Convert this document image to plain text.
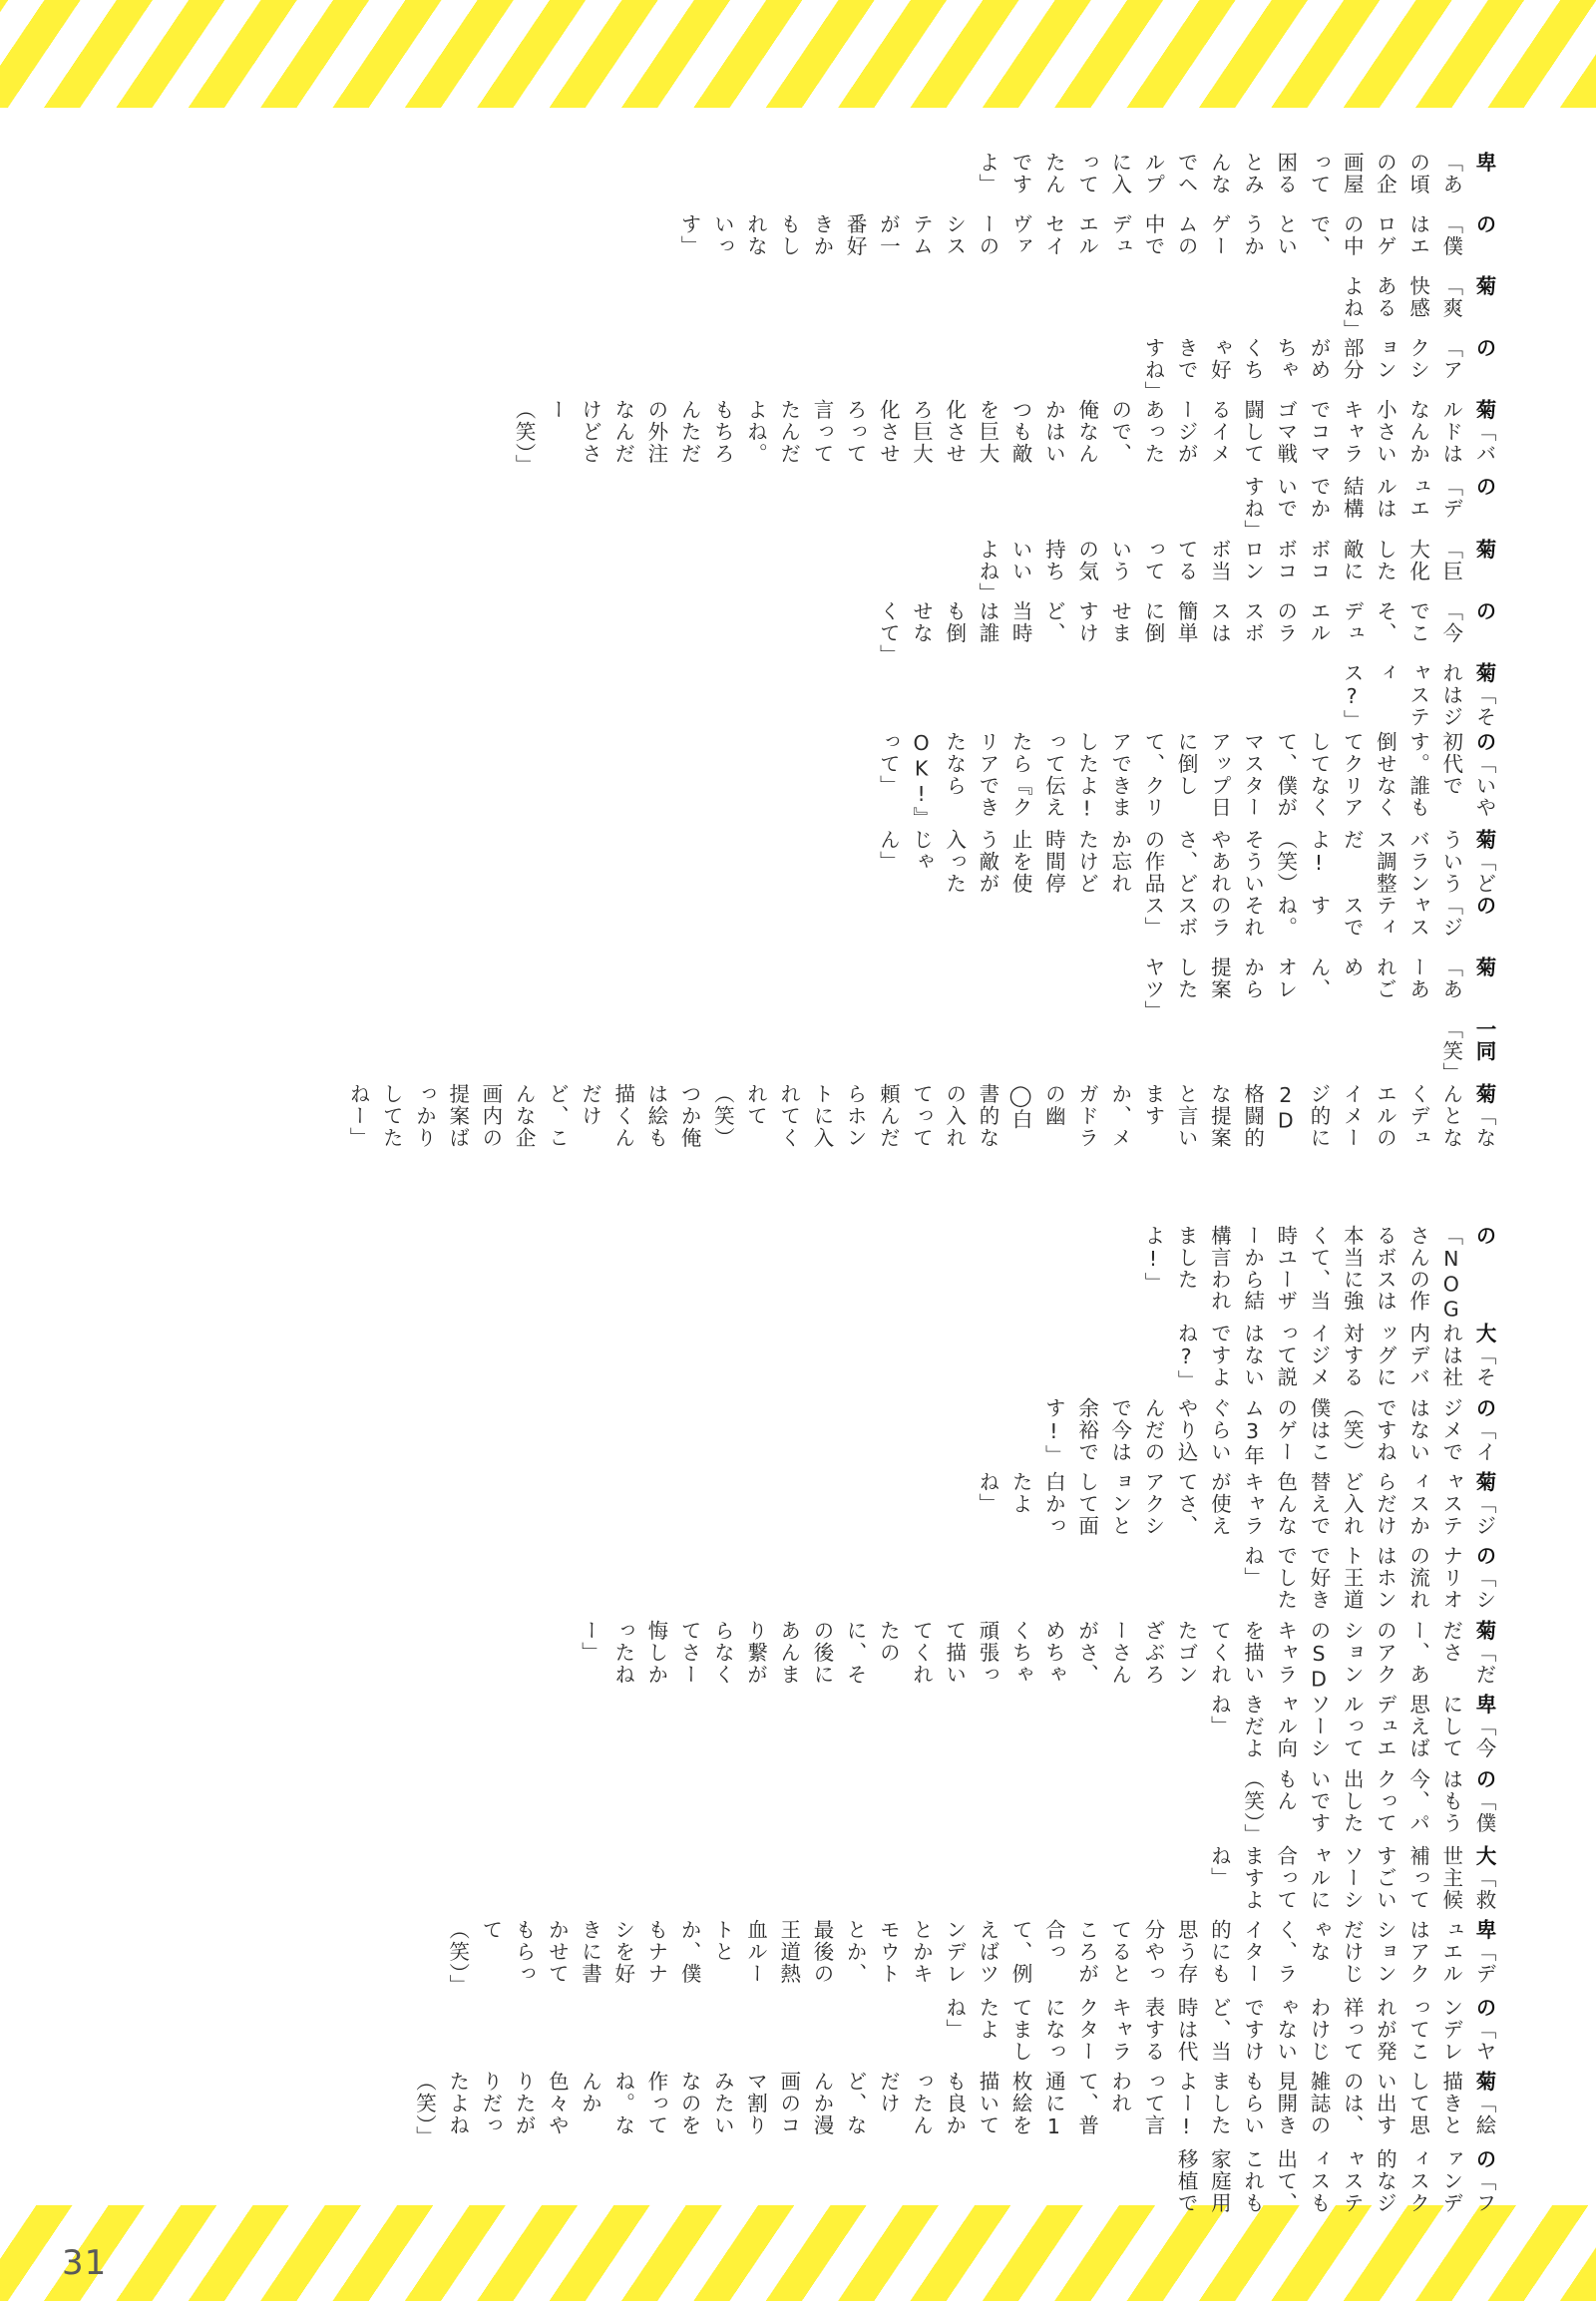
31
卑「あの頃の企画屋って困るとみんなでヘルプに入ってたんですよ」
の「僕はエロゲの中で、というかゲームの中でデュエルセイヴァーのシステムが一番好きかもしれないっす」
菊「爽快感あるよね」
の「アクション部分がめちゃくちゃ好きですね」
菊「バルドはなんか小さいキャラでコマゴマ戦闘してるイメージがあったので、俺なんかはいつも敵を巨大化させろ巨大化させろって言ってたんだよね。もちろんただの外注なんだけどさー（笑）」
の「デュエルは結構でかいですね」
菊「巨大化した敵にボコボコロンボ当てるっていうの気持ちいいよね」
の「今でこそ、デュエルのラスボスは簡単に倒せますけど、当時は誰も倒せなくて」
菊「それはジャスティス?」
の「いや初代です。誰も倒せなくてクリアしてなくて、僕がマスターアップ日に倒して、クリアできましたよ!って伝えたら『クリアできたならOK!』って」
菊「どういうバランス調整だよ!（笑）そういやあれさ、どの作品か忘れたけど時間停止を使う敵が入ったじゃん」
の「ジャスティスですね。それのラスボス」
菊「あーあれごめん、オレから提案したヤツ」
一同「笑」
菊「なんとなくデュエルのイメージ的に2D格闘的な提案と言いますか、メガドラの幽◯白書的なの入れてって頼んだらホントに入れてくれて（笑）つか俺は絵も描くんだけど、こんな企画内の提案ばっかりしてたねー」
の「NOGさんの作るボスは本当に強くて、当時ユーザーから結構言われましたよ!」
大「それは社内デバッグに対するイジメって説はないですよね?」
の「イジメではないですね（笑）僕はこのゲーム3年ぐらいやり込んだので今は余裕です!」
菊「ジャスティスからだけど入れ替えで色んなキャラが使えてさ、アクションとして面白かったよね」
の「シナリオの流れはホント王道で好きでしたね」
菊「だださー、あのアクションのSDキャラを描いてくれたゴンざぶろーさんがさ、めちゃくちゃ頑張って描いてくれたのに、その後にあんまり繋がらなくてさー悔しかったねー」
卑「今にして思えばデュエルってソーシャル向きだよね」
の「僕はもう今、パクって出したいですもん（笑）」
大「救世主候補ってすごいソーシャルに合ってますよね」
卑「デュエルはアクションだけじゃなく、ライター的にも思う存分やってるところが合って、例えばツンデレとかキモウトとか、最後の王道熱血ルートとか、僕もナナシを好きに書かせてもらって（笑）」
の「ヤンデレってこれが発祥ってわけじゃないですけど、当時は代表するキャラクターになってましたよね」
菊「絵描きとして思い出すのは、雑誌の見開きもらいましたよー!って言われて、普通に1枚絵を描いても良かったんだけど、なんか漫画のコマ割りみたいなのを作ってね。なんか色々やりたがりだったよね（笑）」
の「ファンディスク的なジャスティスも出て、これも家庭用移植で
